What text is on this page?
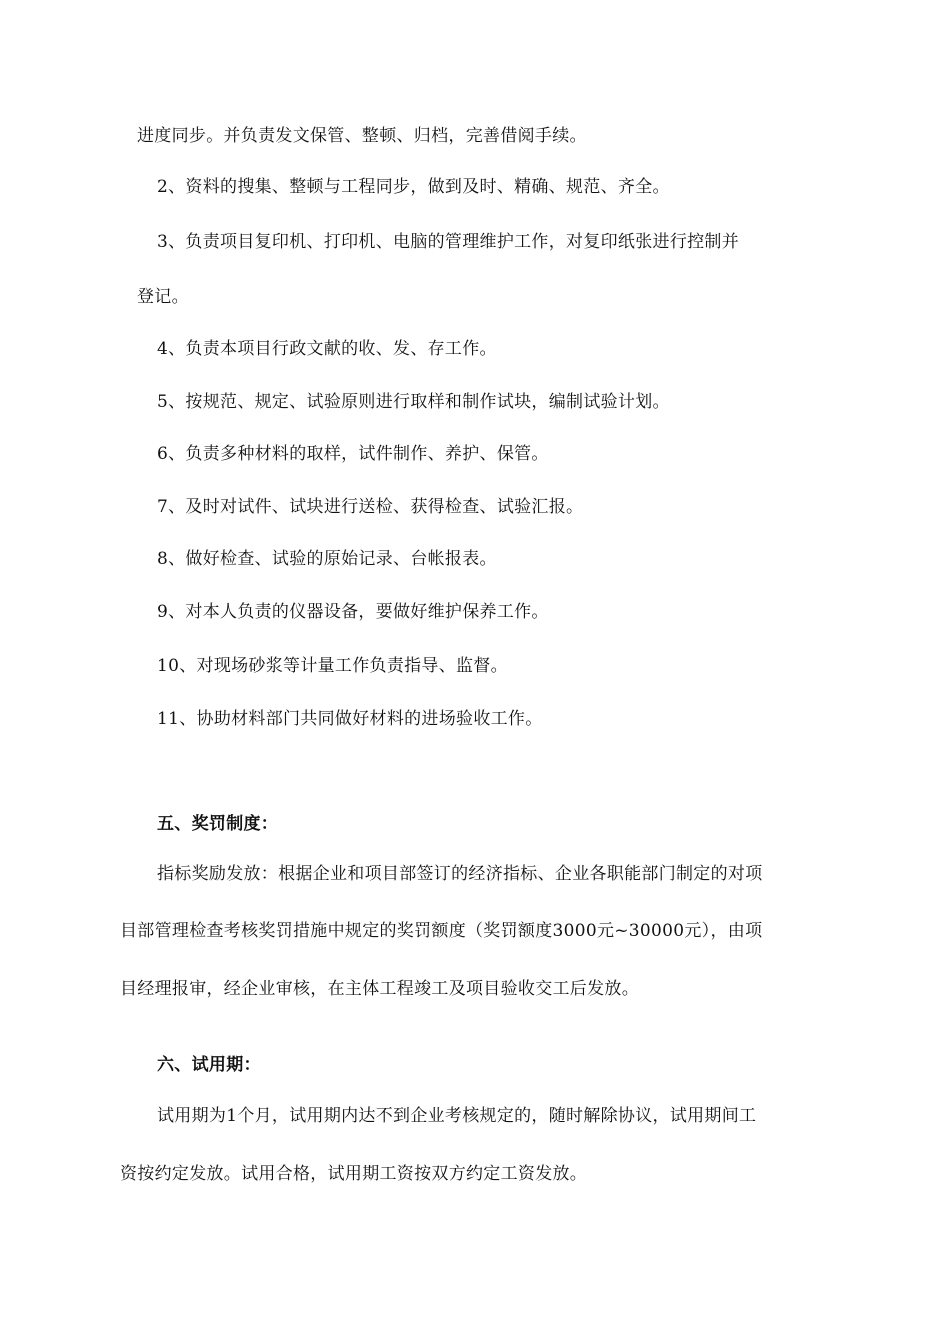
进度同步。并负责发文保管、整顿、归档，完善借阅手续。
2、资料的搜集、整顿与工程同步，做到及时、精确、规范、齐全。
3、负责项目复印机、打印机、电脑的管理维护工作，对复印纸张进行控制并
登记。
4、负责本项目行政文献的收、发、存工作。
5、按规范、规定、试验原则进行取样和制作试块，编制试验计划。
6、负责多种材料的取样，试件制作、养护、保管。
7、及时对试件、试块进行送检、获得检查、试验汇报。
8、做好检查、试验的原始记录、台帐报表。
9、对本人负责的仪器设备，要做好维护保养工作。
10、对现场砂浆等计量工作负责指导、监督。
11、协助材料部门共同做好材料的进场验收工作。
五、奖罚制度：
指标奖励发放：根据企业和项目部签订的经济指标、企业各职能部门制定的对项
目部管理检查考核奖罚措施中规定的奖罚额度（奖罚额度3000元~30000元），由项
目经理报审，经企业审核，在主体工程竣工及项目验收交工后发放。
六、试用期：
试用期为1个月，试用期内达不到企业考核规定的，随时解除协议，试用期间工
资按约定发放。试用合格，试用期工资按双方约定工资发放。
